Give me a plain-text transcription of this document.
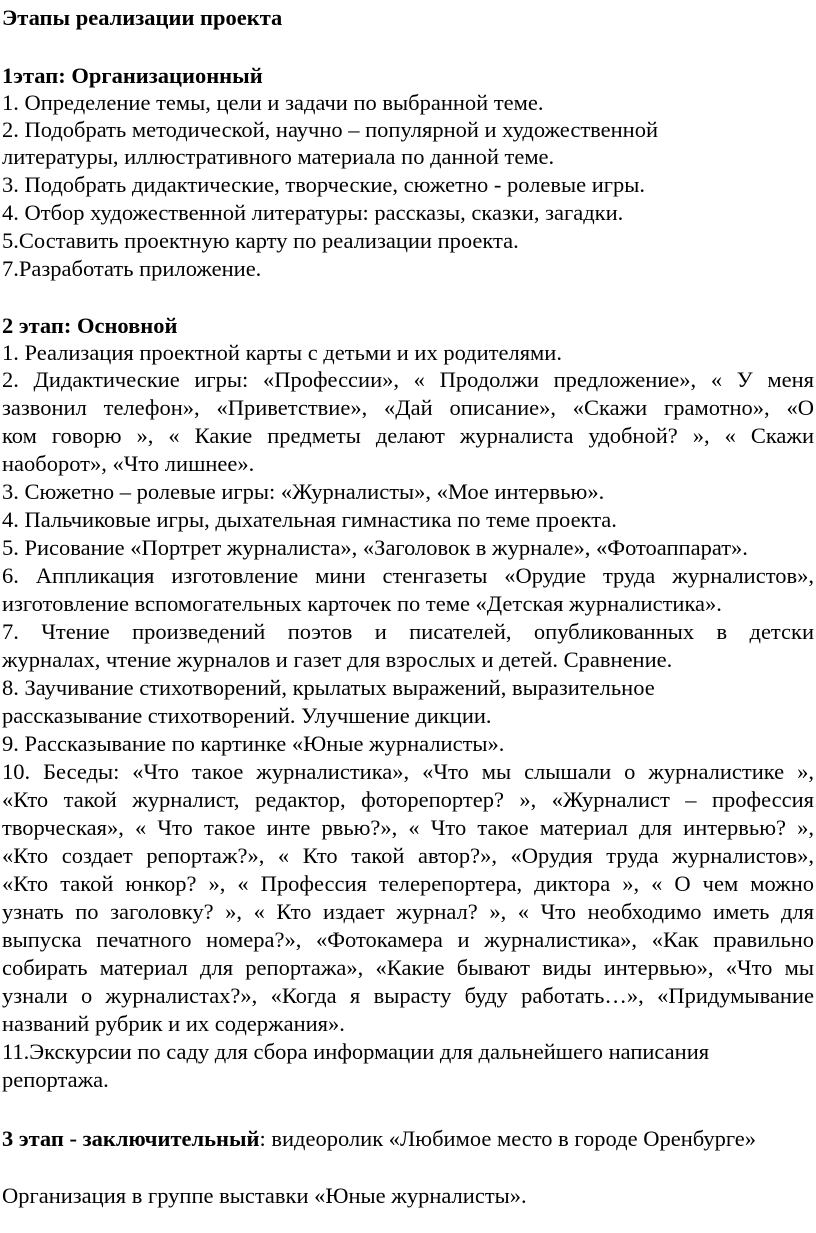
Этапы реализации проекта
1этап: Организационный
1. Определение темы, цели и задачи по выбранной теме.
2. Подобрать методической, научно – популярной и художественной
литературы, иллюстративного материала по данной теме.
3. Подобрать дидактические, творческие, сюжетно - ролевые игры.
4. Отбор художественной литературы: рассказы, сказки, загадки.
5.Составить проектную карту по реализации проекта.
7.Разработать приложение.
2 этап: Основной
1. Реализация проектной карты с детьми и их родителями.
2. Дидактические игры: «Профессии», « Продолжи предложение», « У меня
зазвонил телефон», «Приветствие», «Дай описание», «Скажи грамотно», «О
ком говорю », « Какие предметы делают журналиста удобной? », « Скажи
наоборот», «Что лишнее».
3. Сюжетно – ролевые игры: «Журналисты», «Мое интервью».
4. Пальчиковые игры, дыхательная гимнастика по теме проекта.
5. Рисование «Портрет журналиста», «Заголовок в журнале», «Фотоаппарат».
6. Аппликация изготовление мини стенгазеты «Орудие труда журналистов»,
изготовление вспомогательных карточек по теме «Детская журналистика».
7. Чтение произведений поэтов и писателей, опубликованных в детски
журналах, чтение журналов и газет для взрослых и детей. Сравнение.
8. Заучивание стихотворений, крылатых выражений, выразительное
рассказывание стихотворений. Улучшение дикции.
9. Рассказывание по картинке «Юные журналисты».
10. Беседы: «Что такое журналистика», «Что мы слышали о журналистике »,
«Кто такой журналист, редактор, фоторепортер? », «Журналист – профессия
творческая», « Что такое инте рвью?», « Что такое материал для интервью? »,
«Кто создает репортаж?», « Кто такой автор?», «Орудия труда журналистов»,
«Кто такой юнкор? », « Профессия телерепортера, диктора », « О чем можно
узнать по заголовку? », « Кто издает журнал? », « Что необходимо иметь для
выпуска печатного номера?», «Фотокамера и журналистика», «Как правильно
собирать материал для репортажа», «Какие бывают виды интервью», «Что мы
узнали о журналистах?», «Когда я вырасту буду работать…», «Придумывание
названий рубрик и их содержания».
11.Экскурсии по саду для сбора информации для дальнейшего написания
репортажа.
3 этап - заключительный: видеоролик «Любимое место в городе Оренбурге»
Организация в группе выставки «Юные журналисты».
